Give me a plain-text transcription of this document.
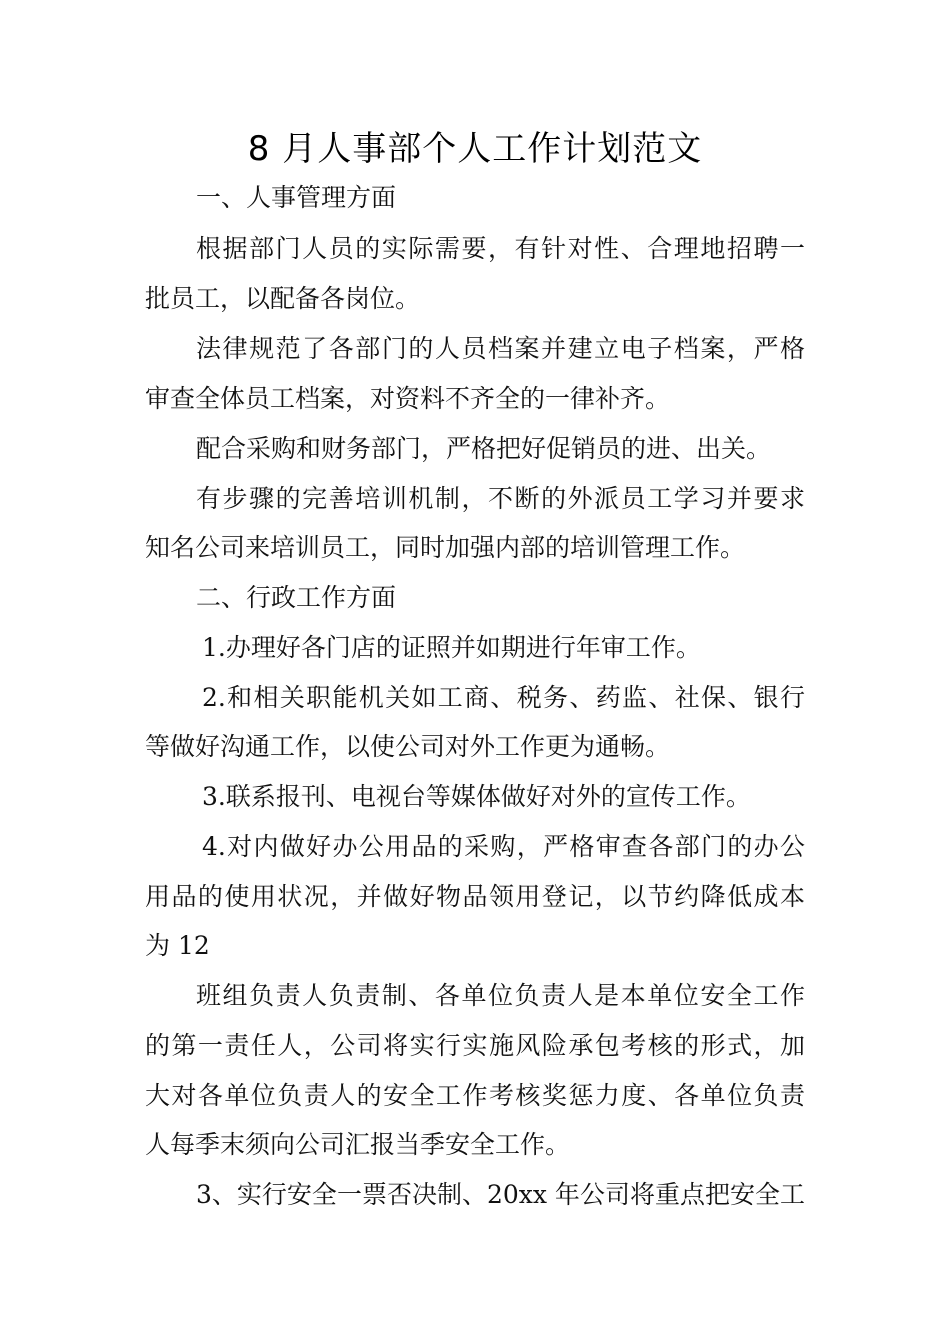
8 月人事部个人工作计划范文
一、人事管理方面
根据部门人员的实际需要，有针对性、合理地招聘一
批员工，以配备各岗位。
法律规范了各部门的人员档案并建立电子档案，严格
审查全体员工档案，对资料不齐全的一律补齐。
配合采购和财务部门，严格把好促销员的进、出关。
有步骤的完善培训机制，不断的外派员工学习并要求
知名公司来培训员工，同时加强内部的培训管理工作。
二、行政工作方面
1.办理好各门店的证照并如期进行年审工作。
2.和相关职能机关如工商、税务、药监、社保、银行
等做好沟通工作，以使公司对外工作更为通畅。
3.联系报刊、电视台等媒体做好对外的宣传工作。
4.对内做好办公用品的采购，严格审查各部门的办公
用品的使用状况，并做好物品领用登记，以节约降低成本
为 12
班组负责人负责制、各单位负责人是本单位安全工作
的第一责任人，公司将实行实施风险承包考核的形式，加
大对各单位负责人的安全工作考核奖惩力度、各单位负责
人每季末须向公司汇报当季安全工作。
3、实行安全一票否决制、20xx 年公司将重点把安全工
